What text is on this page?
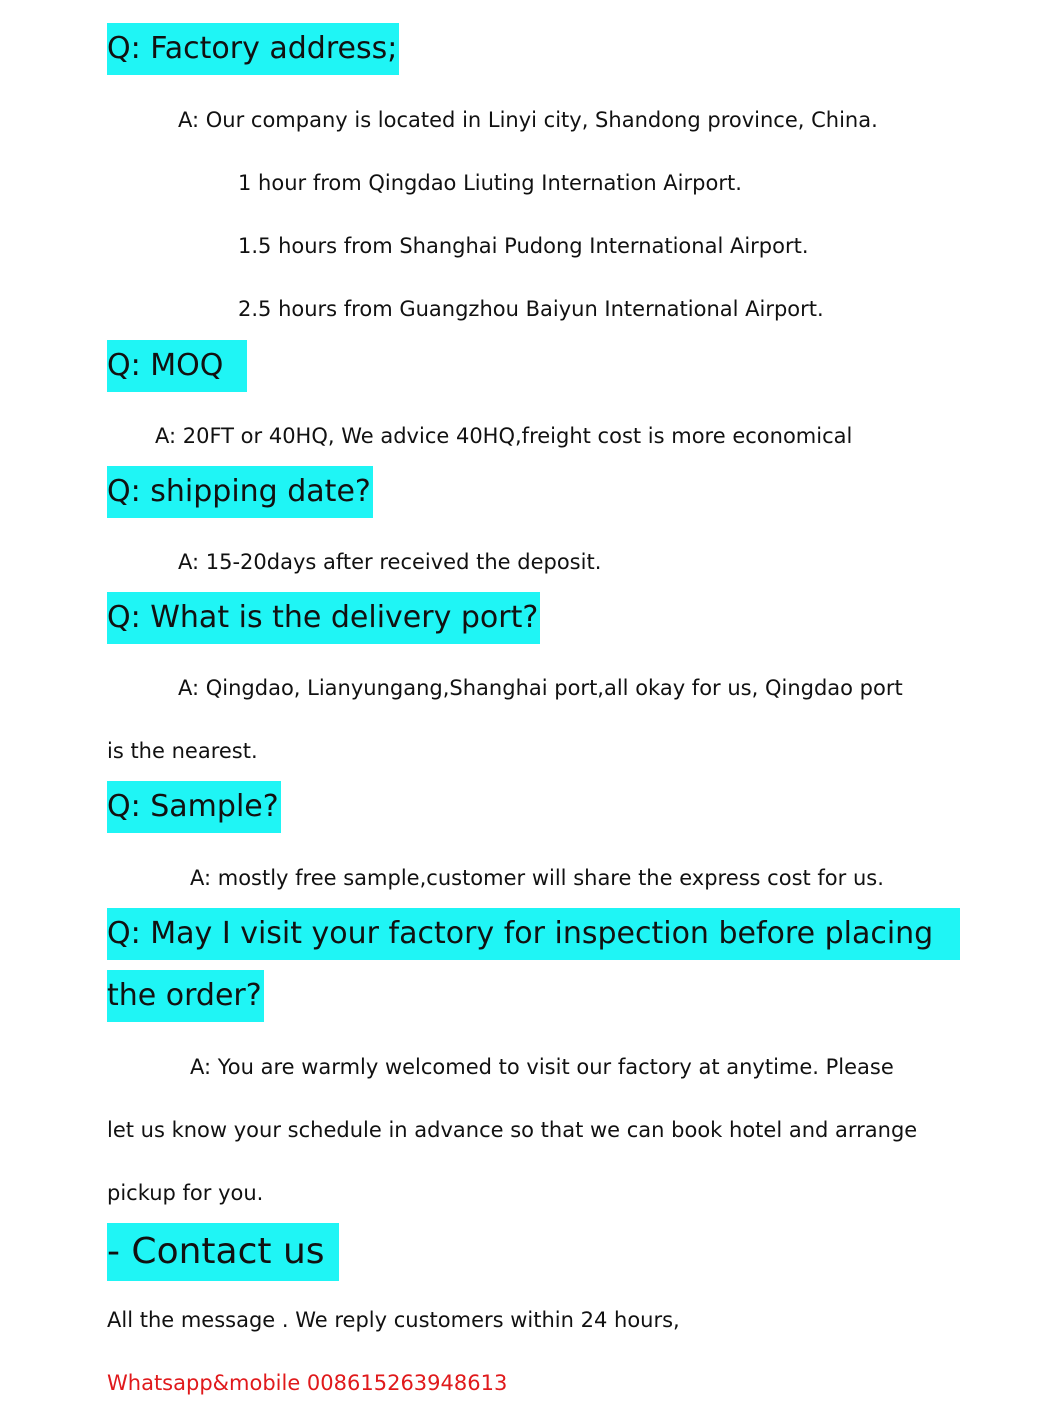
Q: Factory address;
A: Our company is located in Linyi city, Shandong province, China.
1 hour from Qingdao Liuting Internation Airport.
1.5 hours from Shanghai Pudong International Airport.
2.5 hours from Guangzhou Baiyun International Airport.
Q: MOQ
A: 20FT or 40HQ, We advice 40HQ,freight cost is more economical
Q: shipping date?
A: 15-20days after received the deposit.
Q: What is the delivery port?
A: Qingdao, Lianyungang,Shanghai port,all okay for us, Qingdao port
is the nearest.
Q: Sample?
A: mostly free sample,customer will share the express cost for us.
Q: May I visit your factory for inspection before placing
the order?
A: You are warmly welcomed to visit our factory at anytime. Please
let us know your schedule in advance so that we can book hotel and arrange
pickup for you.
- Contact us
All the message . We reply customers within 24 hours,
Whatsapp&mobile 008615263948613
